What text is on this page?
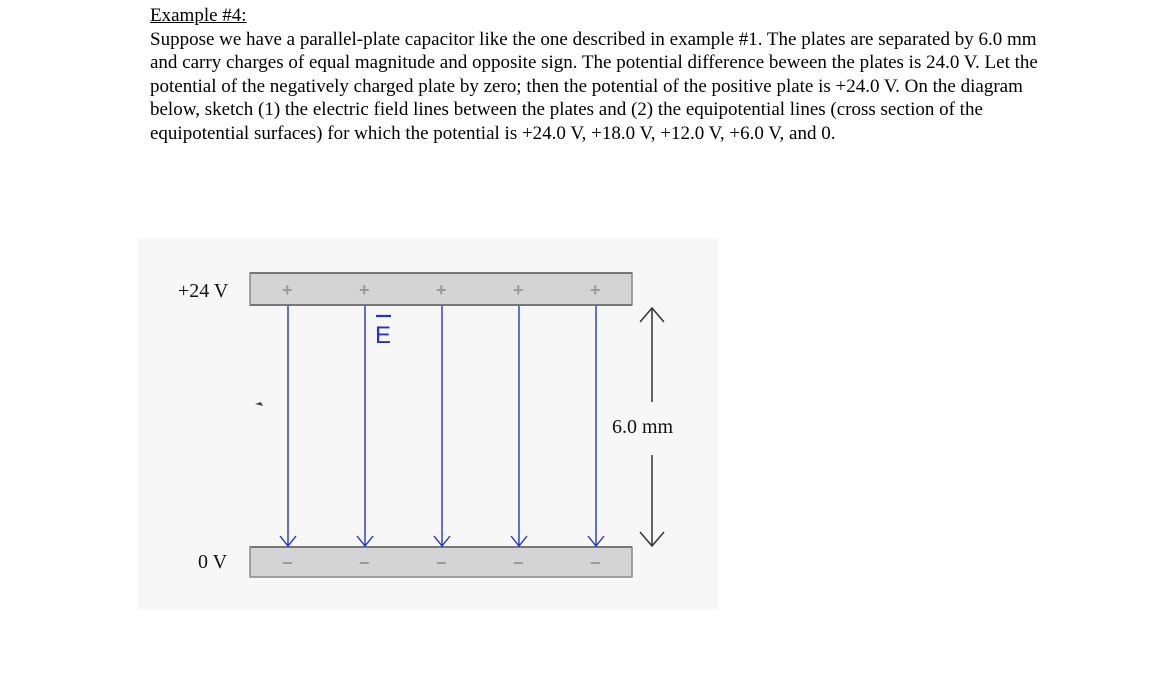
Example #4:
Suppose we have a parallel-plate capacitor like the one described in example #1. The plates are separated by 6.0 mm and carry charges of equal magnitude and opposite sign. The potential difference beween the plates is 24.0 V. Let the potential of the negatively charged plate by zero; then the potential of the positive plate is +24.0 V. On the diagram below, sketch (1) the electric field lines between the plates and (2) the equipotential lines (cross section of the equipotential surfaces) for which the potential is +24.0 V, +18.0 V, +12.0 V, +6.0 V, and 0.
+24 V
0 V
+	+	+	+	+
−	−	−	−	−
E
6.0 mm
